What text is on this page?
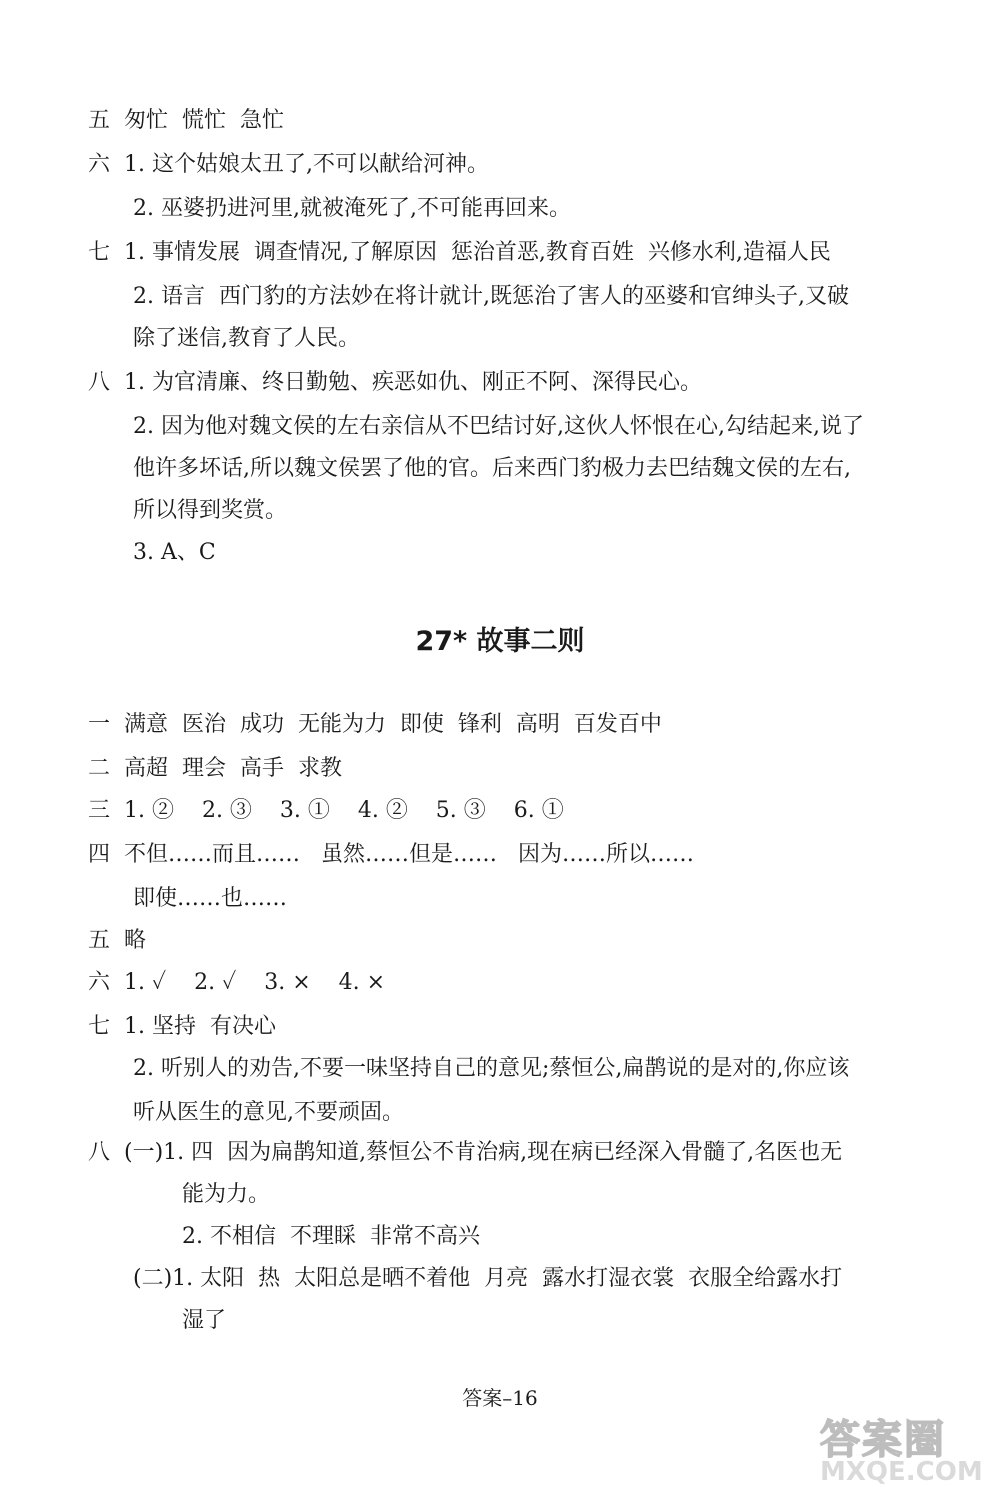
五  匆忙  慌忙  急忙
六  1. 这个姑娘太丑了,不可以献给河神。
2. 巫婆扔进河里,就被淹死了,不可能再回来。
七  1. 事情发展  调查情况,了解原因  惩治首恶,教育百姓  兴修水利,造福人民
2. 语言  西门豹的方法妙在将计就计,既惩治了害人的巫婆和官绅头子,又破
除了迷信,教育了人民。
八  1. 为官清廉、终日勤勉、疾恶如仇、刚正不阿、深得民心。
2. 因为他对魏文侯的左右亲信从不巴结讨好,这伙人怀恨在心,勾结起来,说了
他许多坏话,所以魏文侯罢了他的官。后来西门豹极力去巴结魏文侯的左右,
所以得到奖赏。
3. A、C
27* 故事二则
一  满意  医治  成功  无能为力  即使  锋利  高明  百发百中
二  高超  理会  高手  求教
三  1. ②    2. ③    3. ①    4. ②    5. ③    6. ①
四  不但……而且……   虽然……但是……   因为……所以……
即使……也……
五  略
六  1. ✓    2. ✓    3. ×    4. ×
七  1. 坚持  有决心
2. 听别人的劝告,不要一味坚持自己的意见;蔡恒公,扁鹊说的是对的,你应该
听从医生的意见,不要顽固。
八  (一)1. 四  因为扁鹊知道,蔡恒公不肯治病,现在病已经深入骨髓了,名医也无
能为力。
2. 不相信  不理睬  非常不高兴
(二)1. 太阳  热  太阳总是晒不着他  月亮  露水打湿衣裳  衣服全给露水打
湿了
答案–16
答案圈
MXQE.COM
